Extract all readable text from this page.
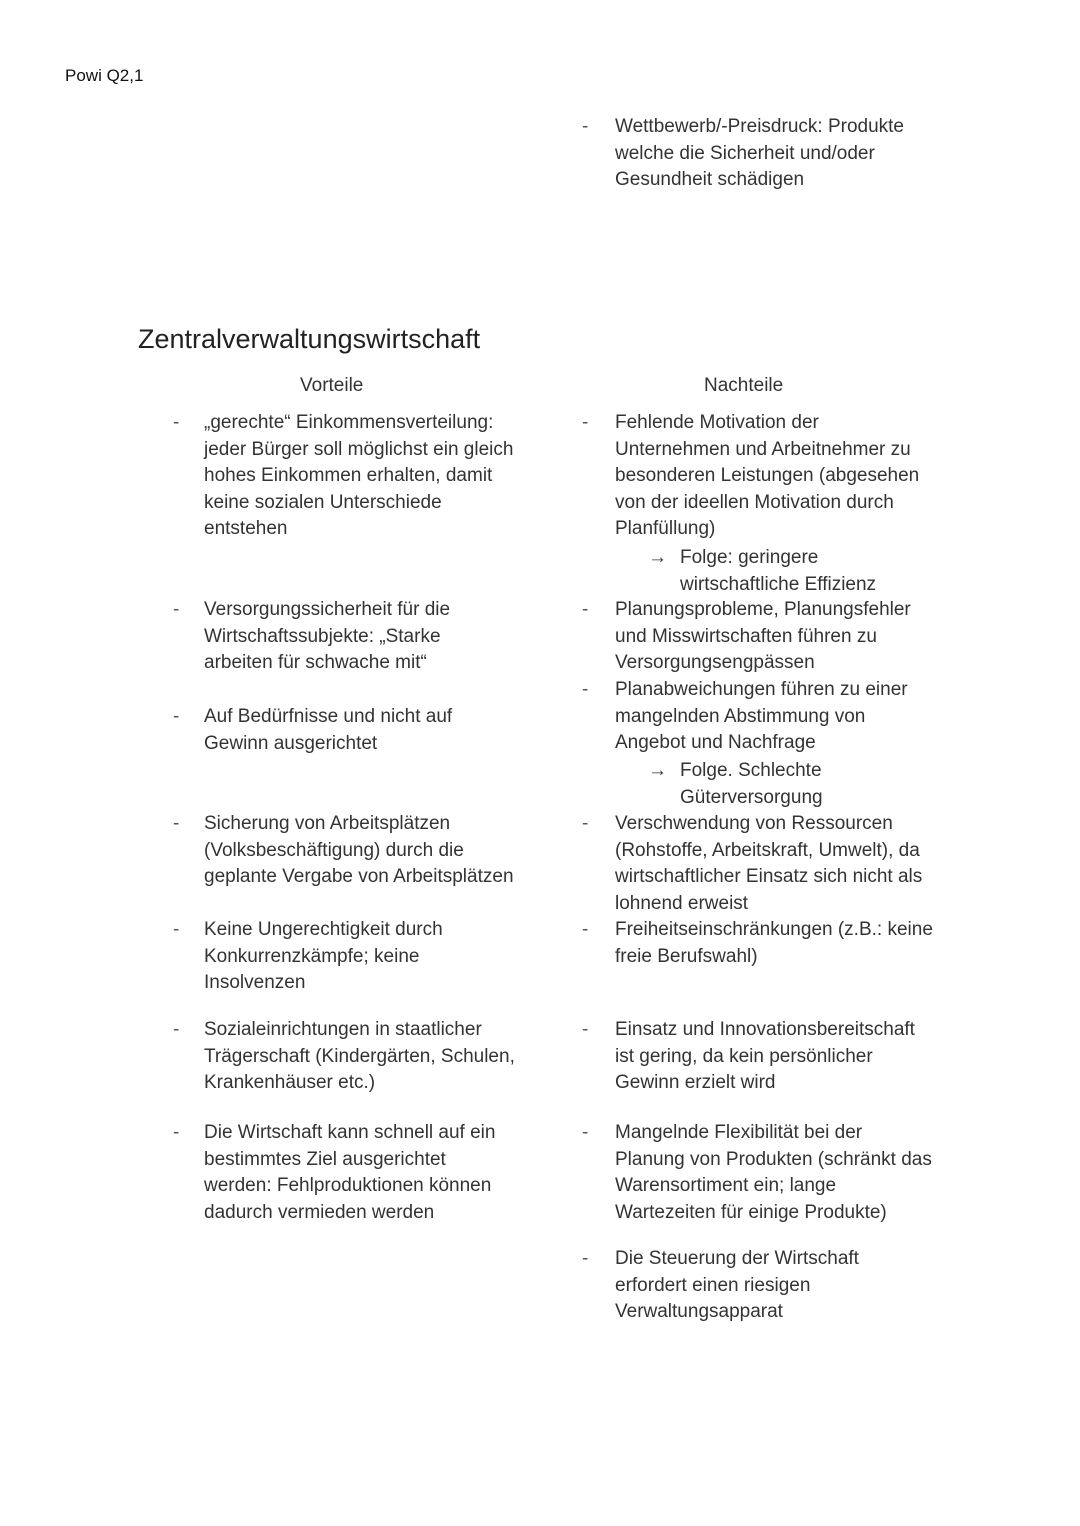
Powi Q2,1
- Wettbewerb/-Preisdruck: Produkte
welche die Sicherheit und/oder
Gesundheit schädigen
Zentralverwaltungswirtschaft
Vorteile	Nachteile
- „gerechte“ Einkommensverteilung:
jeder Bürger soll möglichst ein gleich
hohes Einkommen erhalten, damit
keine sozialen Unterschiede
entstehen
- Versorgungssicherheit für die
Wirtschaftssubjekte: „Starke
arbeiten für schwache mit“
- Auf Bedürfnisse und nicht auf
Gewinn ausgerichtet
- Sicherung von Arbeitsplätzen
(Volksbeschäftigung) durch die
geplante Vergabe von Arbeitsplätzen
- Keine Ungerechtigkeit durch
Konkurrenzkämpfe; keine
Insolvenzen
- Sozialeinrichtungen in staatlicher
Trägerschaft (Kindergärten, Schulen,
Krankenhäuser etc.)
- Die Wirtschaft kann schnell auf ein
bestimmtes Ziel ausgerichtet
werden: Fehlproduktionen können
dadurch vermieden werden
- Fehlende Motivation der
Unternehmen und Arbeitnehmer zu
besonderen Leistungen (abgesehen
von der ideellen Motivation durch
Planfüllung)
→ Folge: geringere
wirtschaftliche Effizienz
- Planungsprobleme, Planungsfehler
und Misswirtschaften führen zu
Versorgungsengpässen
- Planabweichungen führen zu einer
mangelnden Abstimmung von
Angebot und Nachfrage
→ Folge. Schlechte
Güterversorgung
- Verschwendung von Ressourcen
(Rohstoffe, Arbeitskraft, Umwelt), da
wirtschaftlicher Einsatz sich nicht als
lohnend erweist
- Freiheitseinschränkungen (z.B.: keine
freie Berufswahl)
- Einsatz und Innovationsbereitschaft
ist gering, da kein persönlicher
Gewinn erzielt wird
- Mangelnde Flexibilität bei der
Planung von Produkten (schränkt das
Warensortiment ein; lange
Wartezeiten für einige Produkte)
- Die Steuerung der Wirtschaft
erfordert einen riesigen
Verwaltungsapparat
